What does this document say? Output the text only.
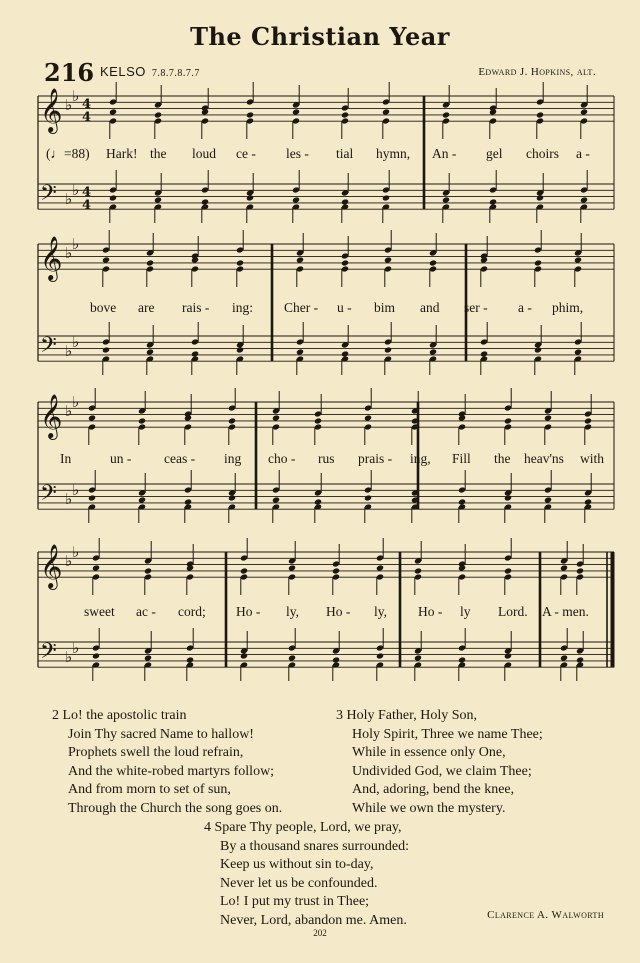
The Christian Year
216 KELSO 7.8.7.8.7.7	Edward J. Hopkins, alt.
𝄞 ♭ ♭ 4
4
𝄢 ♭ ♭ 4
4
𝄞 ♭ ♭
𝄢 ♭ ♭
𝄞 ♭ ♭
𝄢 ♭ ♭
𝄞 ♭ ♭
𝄢 ♭ ♭
(♩=88) Hark! the loud ce - les - tial hymn, An - gel choirs a -
bove are rais - ing: Cher - u - bim and ser - a - phim,
In	un - ceas - ing cho - rus prais - ing, Fill the heav'ns with
sweet ac - cord; Ho - ly, Ho - ly, Ho - ly Lord. A - men.
2 Lo! the apostolic train
Join Thy sacred Name to hallow!
Prophets swell the loud refrain,
And the white-robed martyrs follow;
And from morn to set of sun,
Through the Church the song goes on.
3 Holy Father, Holy Son,
Holy Spirit, Three we name Thee;
While in essence only One,
Undivided God, we claim Thee;
And, adoring, bend the knee,
While we own the mystery.
4 Spare Thy people, Lord, we pray,
By a thousand snares surrounded:
Keep us without sin to-day,
Never let us be confounded.
Lo! I put my trust in Thee;
Never, Lord, abandon me. Amen.	Clarence A. Walworth
202
